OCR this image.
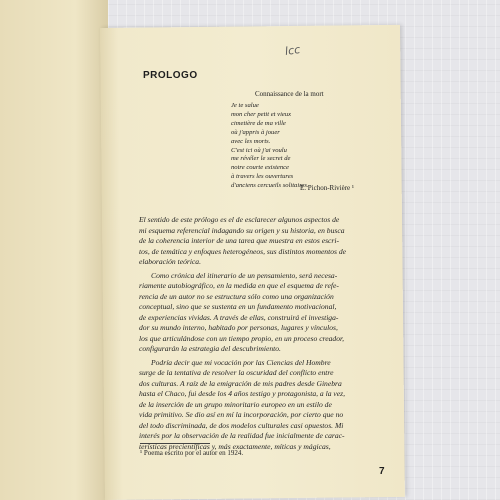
lcc
PROLOGO
Connaissance de la mort
Je te salue
mon cher petit et vieux
cimetière de ma ville
où j'appris à jouer
avec les morts.
C'est ici où j'ai voulu
me révéler le secret de
notre courte existence
à travers les ouvertures
d'anciens cercueils solitaires.
E. Pichon-Rivière ¹
El sentido de este prólogo es el de esclarecer algunos aspectos de
mi esquema referencial indagando su origen y su historia, en busca
de la coherencia interior de una tarea que muestra en estos escri-
tos, de temática y enfoques heterogéneos, sus distintos momentos de
elaboración teórica.
Como crónica del itinerario de un pensamiento, será necesa-
riamente autobiográfico, en la medida en que el esquema de refe-
rencia de un autor no se estructura sólo como una organización
conceptual, sino que se sustenta en un fundamento motivacional,
de experiencias vividas. A través de ellas, construirá el investiga-
dor su mundo interno, habitado por personas, lugares y vínculos,
los que articulándose con un tiempo propio, en un proceso creador,
configurarán la estrategia del descubrimiento.
Podría decir que mi vocación por las Ciencias del Hombre
surge de la tentativa de resolver la oscuridad del conflicto entre
dos culturas. A raíz de la emigración de mis padres desde Ginebra
hasta el Chaco, fui desde los 4 años testigo y protagonista, a la vez,
de la inserción de un grupo minoritario europeo en un estilo de
vida primitivo. Se dio así en mí la incorporación, por cierto que no
del todo discriminada, de dos modelos culturales casi opuestos. Mi
interés por la observación de la realidad fue inicialmente de carac-
terísticas precientíficas y, más exactamente, míticas y mágicas,
¹ Poema escrito por el autor en 1924.
7
